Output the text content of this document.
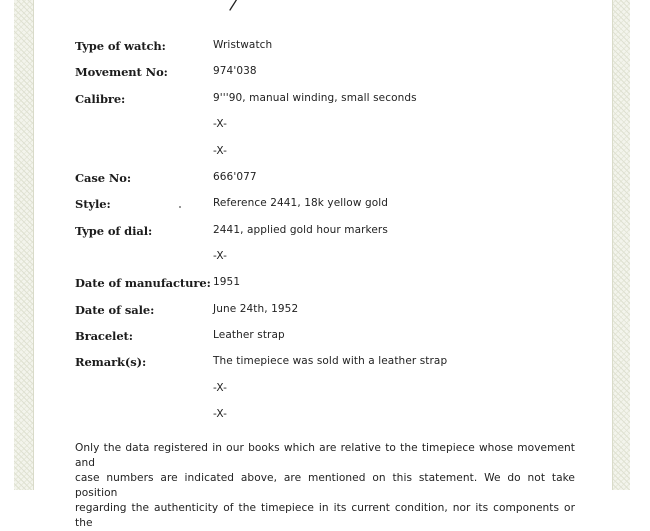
Type of watch:	Wristwatch
Movement No:	974'038
Calibre:	9'''90, manual winding, small seconds
-X-
-X-
Case No:	666'077
Style:	Reference 2441, 18k yellow gold
Type of dial:	2441, applied gold hour markers
-X-
Date of manufacture: 1951
Date of sale:	June 24th, 1952
Bracelet:	Leather strap
Remark(s):	The timepiece was sold with a leather strap
-X-
-X-
Only the data registered in our books which are relative to the timepiece whose movement and
case numbers are indicated above, are mentioned on this statement. We do not take position
regarding the authenticity of the timepiece in its current condition, nor its components or the
